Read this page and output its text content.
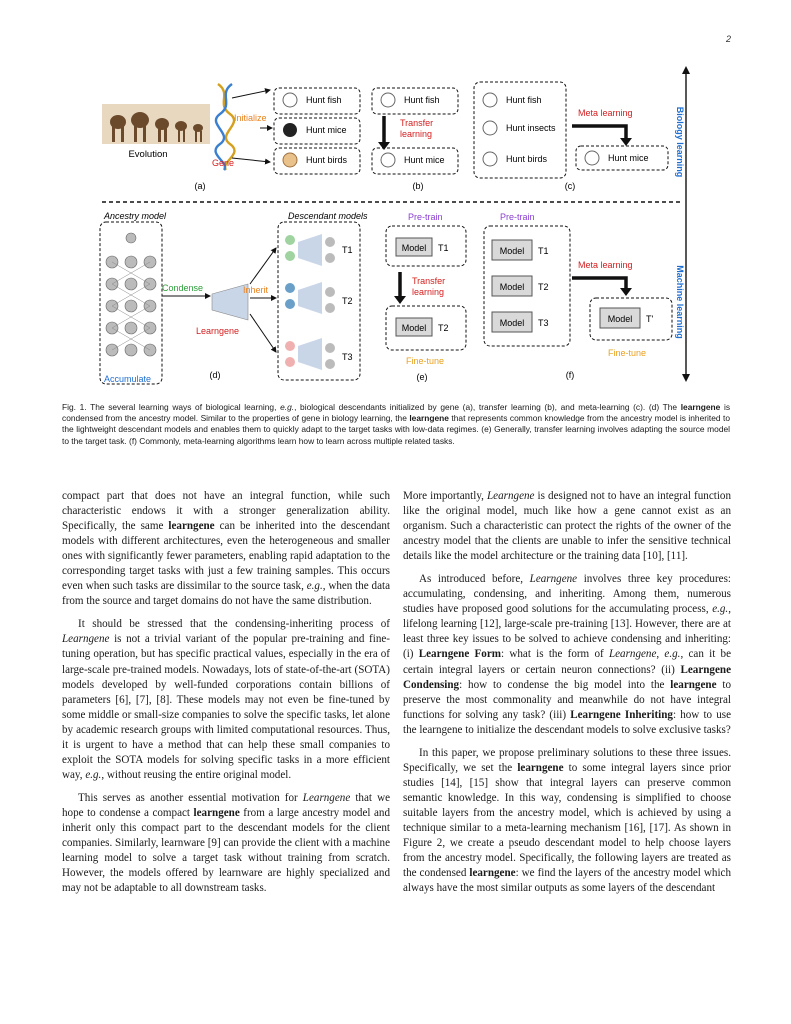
2
Biology learning
Machine learning
Evolution
Initialize
Gene
Hunt fish
Hunt mice
Hunt birds
(a)
Hunt fish
Hunt mice
Transfer
learning
(b)
Hunt fish
Hunt insects
Hunt birds
Meta learning
Hunt mice
(c)
Ancestry model	Descendant models
Accumulate
Condense	Inherit
Learngene
T1
T2
T3
(d)
Pre-train
Model T1
Transfer
learning
Model T2
Fine-tune
(e)
Pre-train
Model T1
Model T2
Model T3
Meta learning
Model T'
Fine-tune
(f)
Fig. 1. The several learning ways of biological learning, e.g., biological descendants initialized by gene (a), transfer learning (b), and meta-learning (c). (d) The learngene is condensed from the ancestry model. Similar to the properties of gene in biology learning, the learngene that represents common knowledge from the ancestry model is inherited to the lightweight descendant models and enables them to quickly adapt to the target tasks with low-data regimes. (e) Generally, transfer learning involves adapting the source model to the target task. (f) Commonly, meta-learning algorithms learn how to learn across multiple related tasks.

compact part that does not have an integral function, while such characteristic endows it with a stronger generalization ability. Specifically, the same learngene can be inherited into the descendant models with different architectures, even the heterogeneous and smaller ones with significantly fewer parameters, enabling rapid adaptation to the corresponding target tasks with just a few training samples. This occurs even when such tasks are dissimilar to the source task, e.g., when the data from the source and target domains do not have the same distribution.

It should be stressed that the condensing-inheriting process of Learngene is not a trivial variant of the popular pre-training and fine-tuning operation, but has specific practical values, especially in the era of large-scale pre-trained models. Nowadays, lots of state-of-the-art (SOTA) models developed by well-funded corporations contain billions of parameters [6], [7], [8]. These models may not even be fine-tuned by some middle or small-size companies to solve the specific tasks, let alone by academic research groups with limited computational resources. Thus, it is urgent to have a method that can help these small companies to exploit the SOTA models for solving specific tasks in a more efficient way, e.g., without reusing the entire original model.

This serves as another essential motivation for Learngene that we hope to condense a compact learngene from a large ancestry model and inherit only this compact part to the descendant models for the client companies. Similarly, learnware [9] can provide the client with a machine learning model to solve a target task without training from scratch. However, the models offered by learnware are highly specialized and may not be adaptable to all downstream tasks.

More importantly, Learngene is designed not to have an integral function like the original model, much like how a gene cannot exist as an organism. Such a characteristic can protect the rights of the owner of the ancestry model that the clients are unable to infer the sensitive technical details like the model architecture or the training data [10], [11].

As introduced before, Learngene involves three key procedures: accumulating, condensing, and inheriting. Among them, numerous studies have proposed good solutions for the accumulating process, e.g., lifelong learning [12], large-scale pre-training [13]. However, there are at least three key issues to be solved to achieve condensing and inheriting: (i) Learngene Form: what is the form of Learngene, e.g., can it be certain integral layers or certain neuron connections? (ii) Learngene Condensing: how to condense the big model into the learngene to preserve the most commonality and meanwhile do not have integral functions for solving any task? (iii) Learngene Inheriting: how to use the learngene to initialize the descendant models to solve exclusive tasks?

In this paper, we propose preliminary solutions to these three issues. Specifically, we set the learngene to some integral layers since prior studies [14], [15] show that integral layers can preserve common semantic knowledge. In this way, condensing is simplified to choose suitable layers from the ancestry model, which is achieved by using a technique similar to a meta-learning mechanism [16], [17]. As shown in Figure 2, we create a pseudo descendant model to help choose layers from the ancestry model. Specifically, the following layers are treated as the condensed learngene: we find the layers of the ancestry model which always have the most similar outputs as some layers of the descendant
